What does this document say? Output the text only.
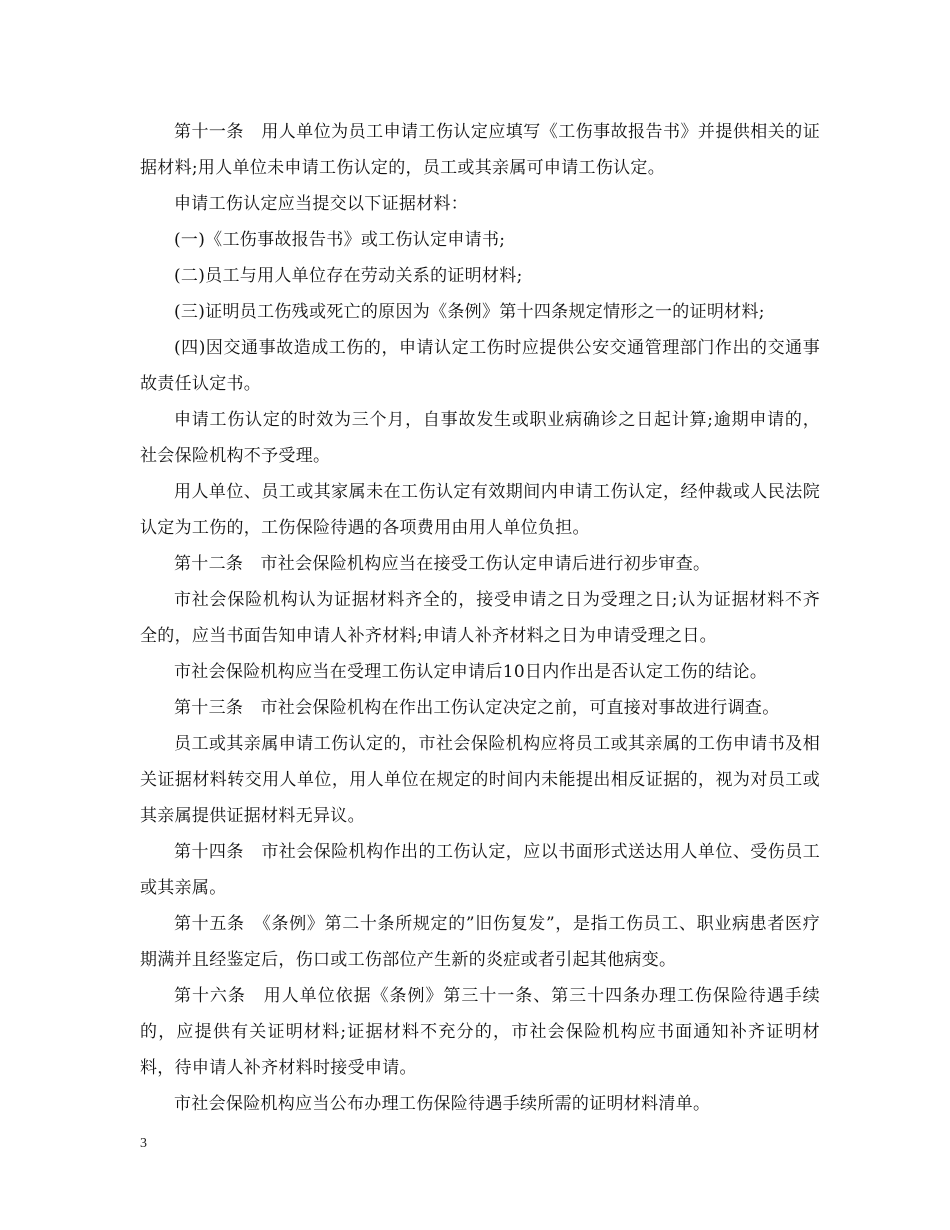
第十一条　用人单位为员工申请工伤认定应填写《工伤事故报告书》并提供相关的证据材料;用人单位未申请工伤认定的，员工或其亲属可申请工伤认定。

申请工伤认定应当提交以下证据材料：

(一)《工伤事故报告书》或工伤认定申请书;

(二)员工与用人单位存在劳动关系的证明材料;

(三)证明员工伤残或死亡的原因为《条例》第十四条规定情形之一的证明材料;

(四)因交通事故造成工伤的，申请认定工伤时应提供公安交通管理部门作出的交通事故责任认定书。

申请工伤认定的时效为三个月，自事故发生或职业病确诊之日起计算;逾期申请的，社会保险机构不予受理。

用人单位、员工或其家属未在工伤认定有效期间内申请工伤认定，经仲裁或人民法院认定为工伤的，工伤保险待遇的各项费用由用人单位负担。

第十二条　市社会保险机构应当在接受工伤认定申请后进行初步审查。

市社会保险机构认为证据材料齐全的，接受申请之日为受理之日;认为证据材料不齐全的，应当书面告知申请人补齐材料;申请人补齐材料之日为申请受理之日。

市社会保险机构应当在受理工伤认定申请后10日内作出是否认定工伤的结论。

第十三条　市社会保险机构在作出工伤认定决定之前，可直接对事故进行调查。

员工或其亲属申请工伤认定的，市社会保险机构应将员工或其亲属的工伤申请书及相关证据材料转交用人单位，用人单位在规定的时间内未能提出相反证据的，视为对员工或其亲属提供证据材料无异议。

第十四条　市社会保险机构作出的工伤认定，应以书面形式送达用人单位、受伤员工或其亲属。

第十五条　《条例》第二十条所规定的”旧伤复发”，是指工伤员工、职业病患者医疗期满并且经鉴定后，伤口或工伤部位产生新的炎症或者引起其他病变。

第十六条　用人单位依据《条例》第三十一条、第三十四条办理工伤保险待遇手续的，应提供有关证明材料;证据材料不充分的，市社会保险机构应书面通知补齐证明材料，待申请人补齐材料时接受申请。

市社会保险机构应当公布办理工伤保险待遇手续所需的证明材料清单。

3
